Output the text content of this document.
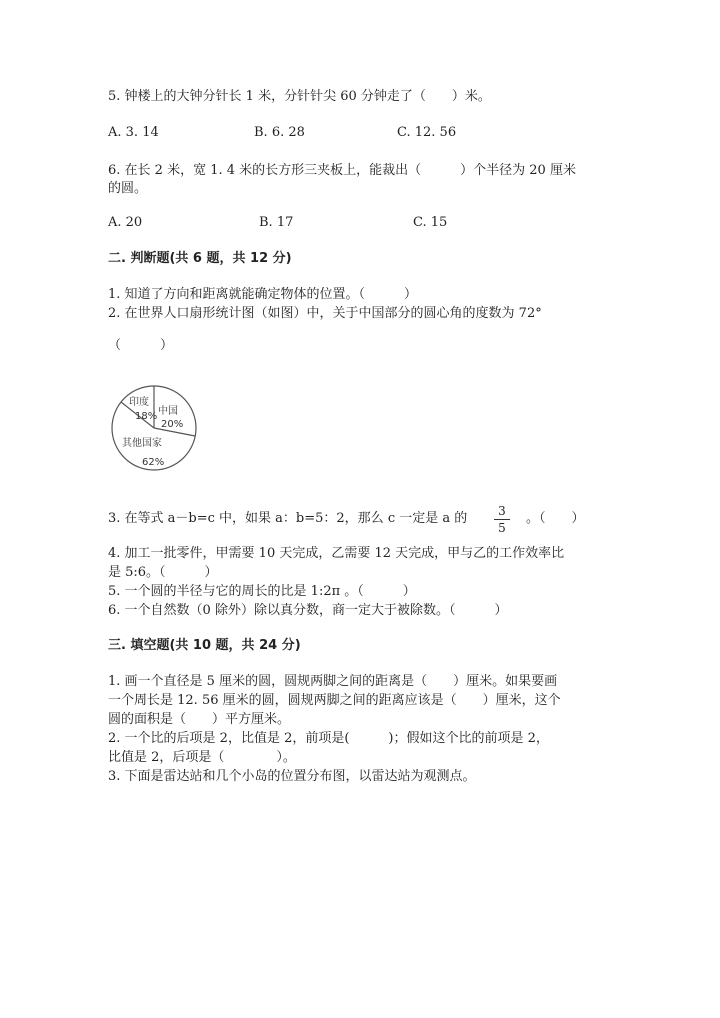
5. 钟楼上的大钟分针长 1 米，分针针尖 60 分钟走了（　　）米。
A. 3. 14	B. 6. 28	C. 12. 56
6. 在长 2 米，宽 1. 4 米的长方形三夹板上，能裁出（　　　）个半径为 20 厘米
的圆。
A. 20	B. 17	C. 15
二. 判断题(共 6 题，共 12 分)
1. 知道了方向和距离就能确定物体的位置。（　　　）
2. 在世界人口扇形统计图（如图）中，关于中国部分的圆心角的度数为 72°
（　　　）
印度
18% 中国
20%
其他国家
62%
3. 在等式 a－b=c 中，如果 a：b=5：2，那么 c 一定是 a 的	3
5
。（　　）
4. 加工一批零件，甲需要 10 天完成，乙需要 12 天完成，甲与乙的工作效率比
是 5:6。（　　　）
5. 一个圆的半径与它的周长的比是 1:2π 。（　　　）
6. 一个自然数（0 除外）除以真分数，商一定大于被除数。（　　　）
三. 填空题(共 10 题，共 24 分)
1. 画一个直径是 5 厘米的圆，圆规两脚之间的距离是（　　）厘米。如果要画
一个周长是 12. 56 厘米的圆，圆规两脚之间的距离应该是（　　）厘米，这个
圆的面积是（　　）平方厘米。
2. 一个比的后项是 2，比值是 2，前项是(　　　)；假如这个比的前项是 2，
比值是 2，后项是（　　　　）。
3. 下面是雷达站和几个小岛的位置分布图，以雷达站为观测点。
